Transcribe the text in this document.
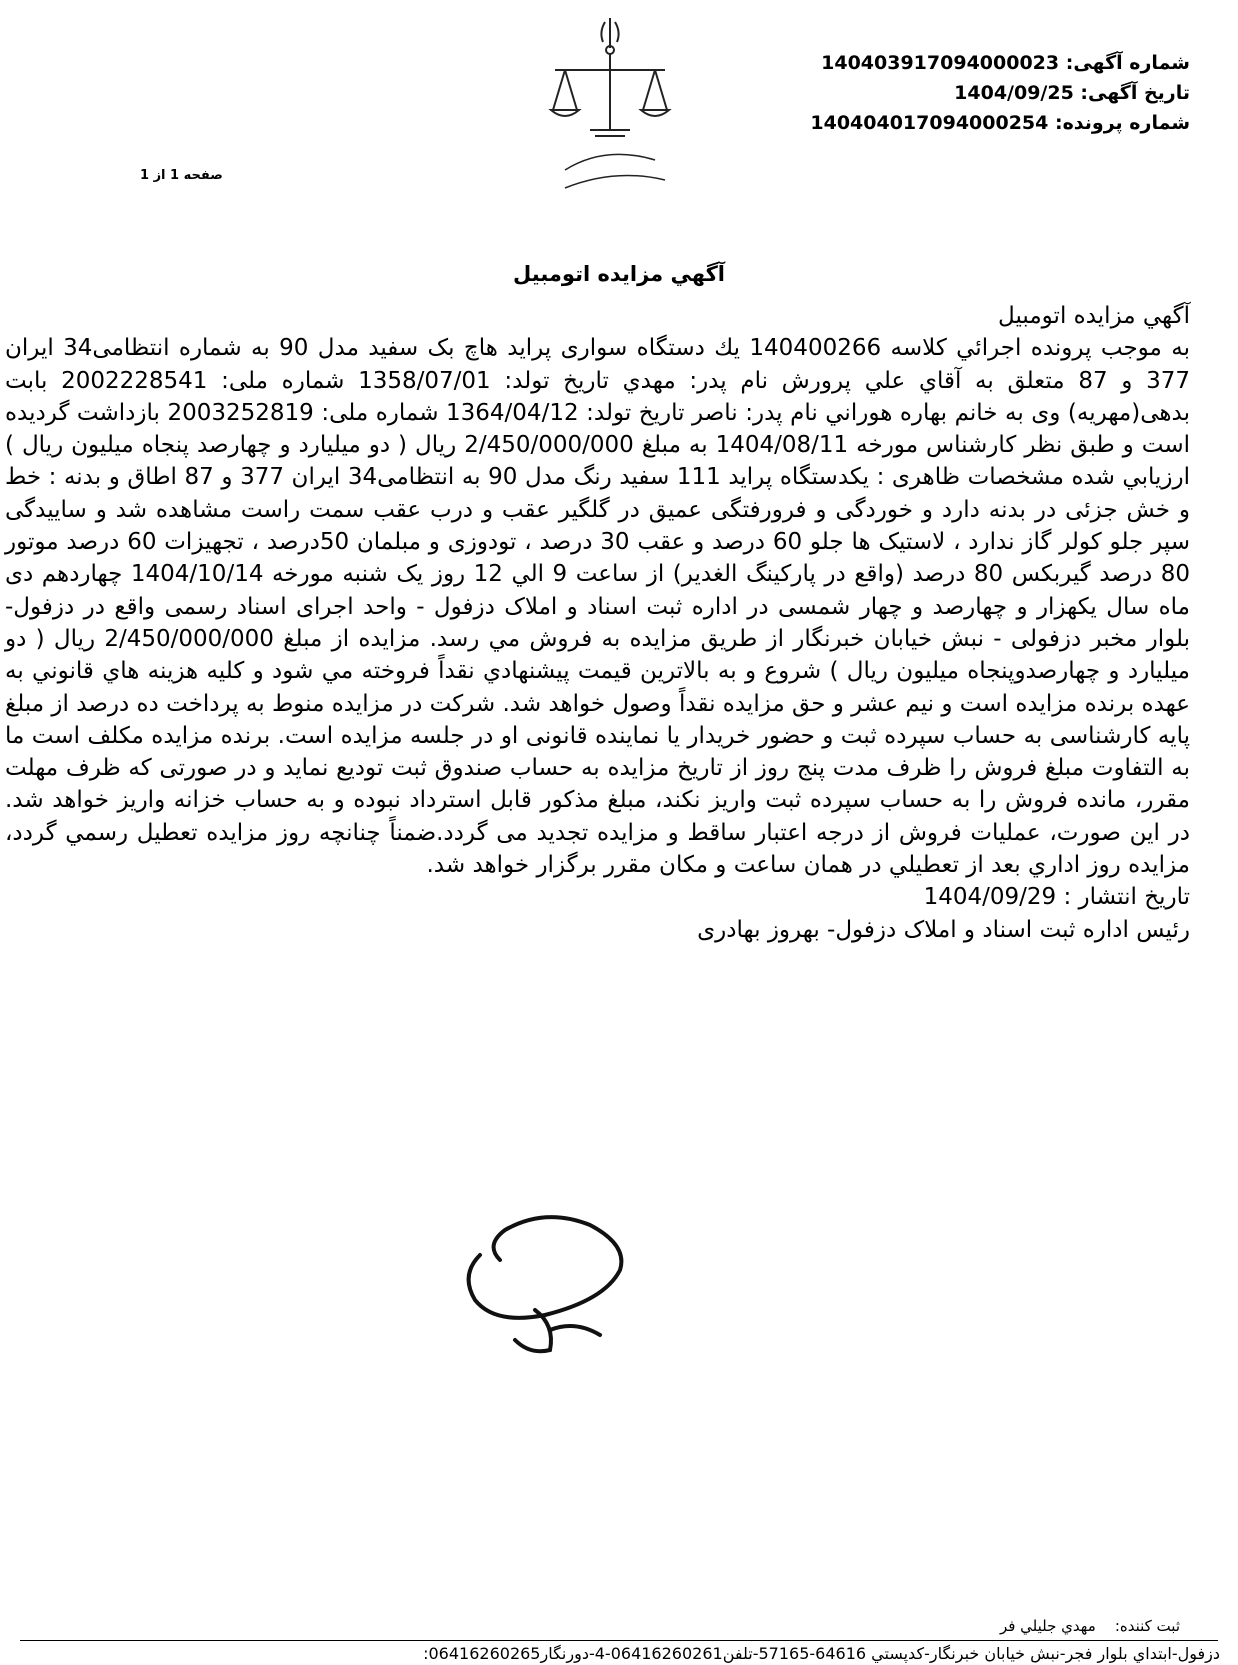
شماره آگهی: 140403917094000023
تاریخ آگهی: 1404/09/25
شماره پرونده: 140404017094000254
صفحه 1 از 1
آگهي مزايده اتومبيل

آگهي مزايده اتومبيل

به موجب پرونده اجرائي كلاسه 140400266 يك دستگاه سواری پراید هاچ بک سفید مدل 90 به شماره انتظامی34 ایران 377 و 87 متعلق به آقاي علي پرورش نام پدر: مهدي تاريخ تولد: 1358/07/01 شماره ملی: 2002228541 بابت بدهی(مهریه) وی به خانم بهاره هوراني نام پدر: ناصر تاريخ تولد: 1364/04/12 شماره ملی: 2003252819 بازداشت گرديده است و طبق نظر كارشناس مورخه 1404/08/11 به مبلغ 2/450/000/000 ريال ( دو میلیارد و چهارصد پنجاه میلیون ريال ) ارزيابي شده مشخصات ظاهری : یکدستگاه پراید 111 سفید رنگ مدل 90 به انتظامی34 ایران 377 و 87 اطاق و بدنه : خط و خش جزئی در بدنه دارد و خوردگی و فرورفتگی عمیق در گلگیر عقب و درب عقب سمت راست مشاهده شد و ساییدگی سپر جلو کولر گاز ندارد ، لاستیک ها جلو 60 درصد و عقب 30 درصد ، تودوزی و مبلمان 50درصد ، تجهیزات 60 درصد موتور 80 درصد گیربکس 80 درصد (واقع در پارکینگ الغدیر) از ساعت 9 الي 12 روز يک شنبه مورخه 1404/10/14 چهاردهم دی ماه سال یکهزار و چهارصد و چهار شمسی در اداره ثبت اسناد و املاک دزفول - واحد اجرای اسناد رسمی واقع در دزفول- بلوار مخبر دزفولی - نبش خیابان خبرنگار از طريق مزايده به فروش مي رسد. مزايده از مبلغ 2/450/000/000 ريال ( دو میلیارد و چهارصدوپنجاه میلیون ريال ) شروع و به بالاترين قيمت پيشنهادي نقداً فروخته مي شود و كليه هزينه هاي قانوني به عهده برنده مزايده است و نيم عشر و حق مزايده نقداً وصول خواهد شد. شرکت در مزایده منوط به پرداخت ده درصد از مبلغ پایه کارشناسی به حساب سپرده ثبت و حضور خریدار یا نماینده قانونی او در جلسه مزایده است. برنده مزايده مكلف است ما به التفاوت مبلغ فروش را ظرف مدت پنج روز از تاريخ مزايده به حساب صندوق ثبت توديع نمايد و در صورتی که ظرف مهلت مقرر، مانده فروش را به حساب سپرده ثبت واریز نکند، مبلغ مذکور قابل استرداد نبوده و به حساب خزانه واریز خواهد شد. در این صورت، عملیات فروش از درجه اعتبار ساقط و مزایده تجدید می گردد.ضمناً چنانچه روز مزايده تعطيل رسمي گردد، مزايده روز اداري بعد از تعطيلي در همان ساعت و مكان مقرر برگزار خواهد شد.

تاريخ انتشار : 1404/09/29

رئیس اداره ثبت اسناد و املاک دزفول- بهروز بهادری

ثبت کننده:    مهدي جليلي فر
دزفول-ابتداي بلوار فجر-نبش خيابان خبرنگار-كدپستي 64616-57165-تلفن06416260261-4-دورنگار06416260265:
